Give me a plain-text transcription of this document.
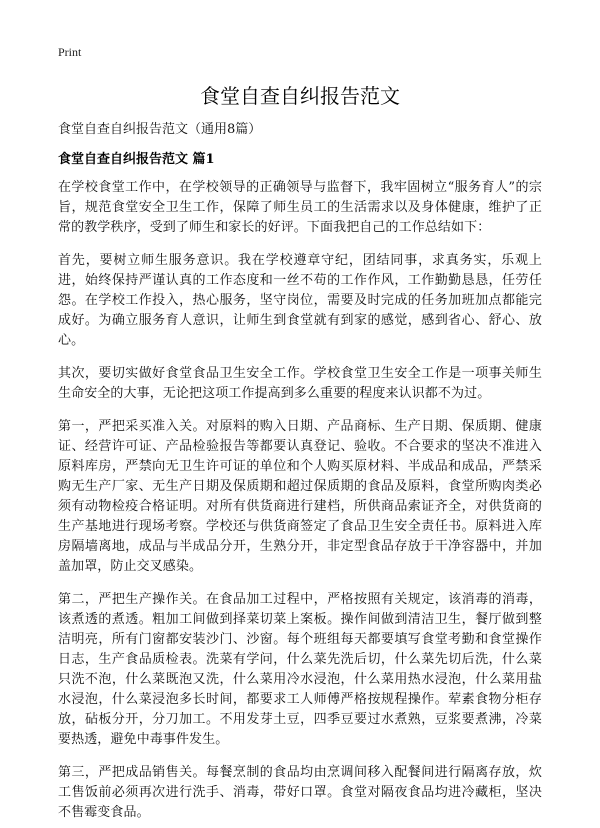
Print
食堂自查自纠报告范文
食堂自查自纠报告范文（通用8篇）
食堂自查自纠报告范文 篇1

在学校食堂工作中，在学校领导的正确领导与监督下，我牢固树立“服务育人”的宗旨，规范食堂安全卫生工作，保障了师生员工的生活需求以及身体健康，维护了正常的教学秩序，受到了师生和家长的好评。下面我把自己的工作总结如下：

首先，要树立师生服务意识。我在学校遵章守纪，团结同事，求真务实，乐观上进，始终保持严谨认真的工作态度和一丝不苟的工作作风，工作勤勤恳恳，任劳任怨。在学校工作投入，热心服务，坚守岗位，需要及时完成的任务加班加点都能完成好。为确立服务育人意识，让师生到食堂就有到家的感觉，感到省心、舒心、放心。

其次，要切实做好食堂食品卫生安全工作。学校食堂卫生安全工作是一项事关师生生命安全的大事，无论把这项工作提高到多么重要的程度来认识都不为过。

第一，严把采买准入关。对原料的购入日期、产品商标、生产日期、保质期、健康证、经营许可证、产品检验报告等都要认真登记、验收。不合要求的坚决不准进入原料库房，严禁向无卫生许可证的单位和个人购买原材料、半成品和成品，严禁采购无生产厂家、无生产日期及保质期和超过保质期的食品及原料，食堂所购肉类必须有动物检疫合格证明。对所有供货商进行建档，所供商品索证齐全，对供货商的生产基地进行现场考察。学校还与供货商签定了食品卫生安全责任书。原料进入库房隔墙离地，成品与半成品分开，生熟分开，非定型食品存放于干净容器中，并加盖加罩，防止交叉感染。

第二，严把生产操作关。在食品加工过程中，严格按照有关规定，该消毒的消毒，该煮透的煮透。粗加工间做到择菜切菜上案板。操作间做到清洁卫生，餐厅做到整洁明亮，所有门窗都安装沙门、沙窗。每个班组每天都要填写食堂考勤和食堂操作日志，生产食品质检表。洗菜有学问，什么菜先洗后切，什么菜先切后洗，什么菜只洗不泡，什么菜既泡又洗，什么菜用冷水浸泡，什么菜用热水浸泡，什么菜用盐水浸泡，什么菜浸泡多长时间，都要求工人师傅严格按规程操作。荤素食物分柜存放，砧板分开，分刀加工。不用发芽土豆，四季豆要过水煮熟，豆浆要煮沸，冷菜要热透，避免中毒事件发生。

第三，严把成品销售关。每餐烹制的食品均由烹调间移入配餐间进行隔离存放，炊工售饭前必须再次进行洗手、消毒，带好口罩。食堂对隔夜食品均进冷藏柜，坚决不售霉变食品。
